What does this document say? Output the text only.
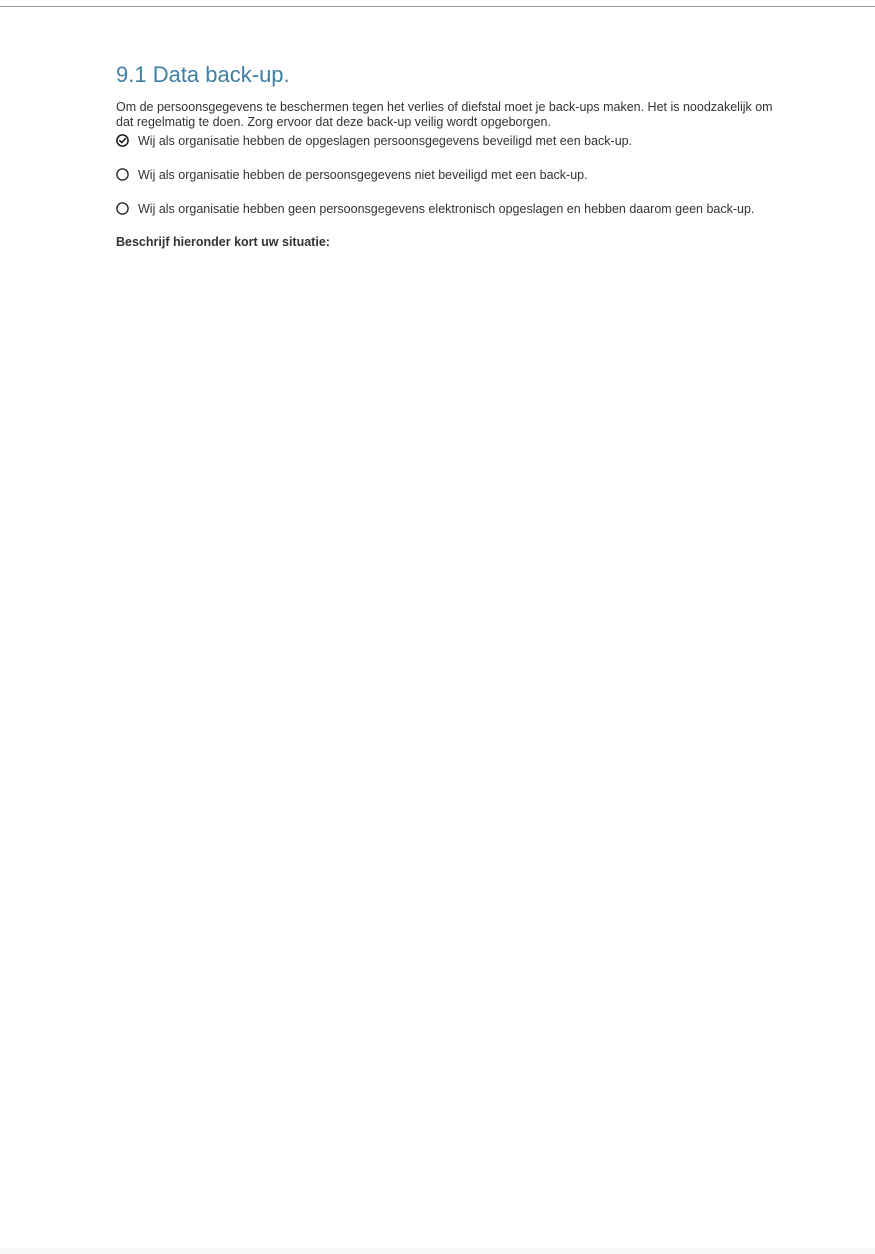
9.1 Data back-up.

Om de persoonsgegevens te beschermen tegen het verlies of diefstal moet je back-ups maken. Het is noodzakelijk om dat regelmatig te doen. Zorg ervoor dat deze back-up veilig wordt opgeborgen.

Wij als organisatie hebben de opgeslagen persoonsgegevens beveiligd met een back-up.
Wij als organisatie hebben de persoonsgegevens niet beveiligd met een back-up.
Wij als organisatie hebben geen persoonsgegevens elektronisch opgeslagen en hebben daarom geen back-up.
Beschrijf hieronder kort uw situatie:
